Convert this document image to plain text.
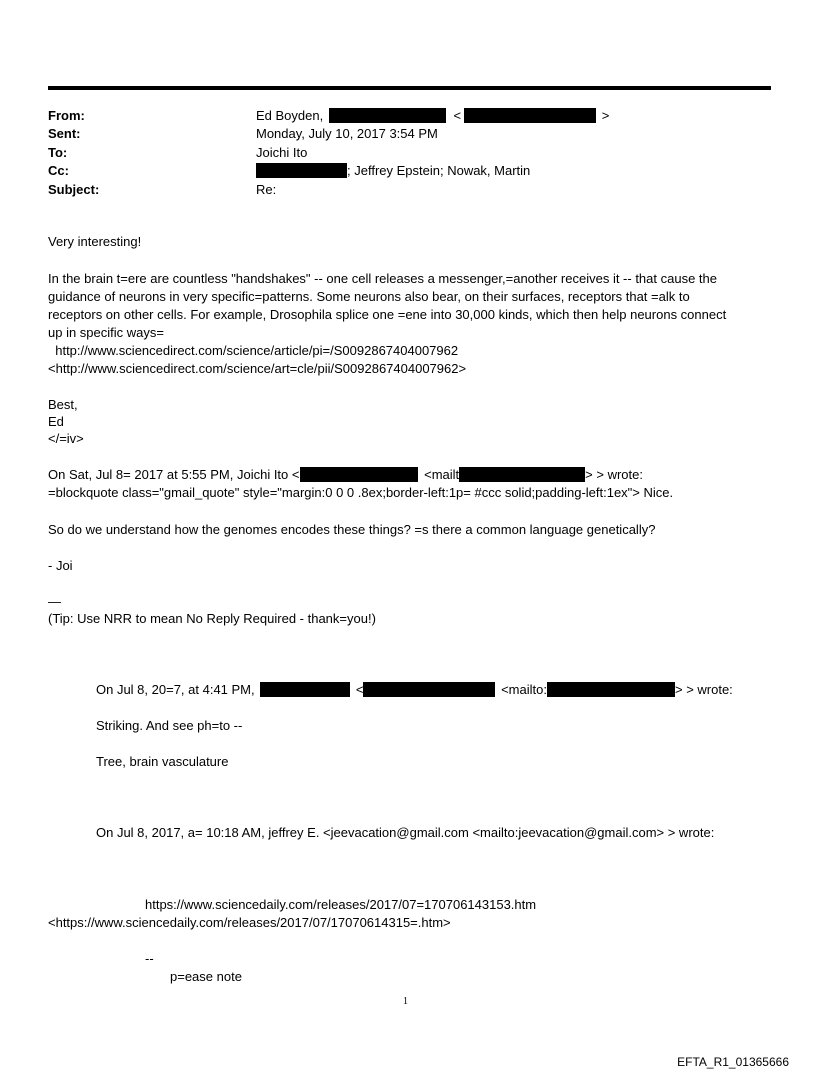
From:	Ed Boyden,	<	>
Sent:	Monday, July 10, 2017 3:54 PM
To:	Joichi Ito
Cc:	; Jeffrey Epstein; Nowak, Martin
Subject:	Re:
Very interesting!
In the brain t=ere are countless "handshakes" -- one cell releases a messenger,=another receives it -- that cause the
guidance of neurons in very specific=patterns. Some neurons also bear, on their surfaces, receptors that =alk to
receptors on other cells. For example, Drosophila splice one =ene into 30,000 kinds, which then help neurons connect
up in specific ways=
http://www.sciencedirect.com/science/article/pi=/S0092867404007962
<http://www.sciencedirect.com/science/art=cle/pii/S0092867404007962>
Best,
Ed
</=iv>
On Sat, Jul 8= 2017 at 5:55 PM, Joichi Ito <	<mailt	> > wrote:
=blockquote class="gmail_quote" style="margin:0 0 0 .8ex;border-left:1p= #ccc solid;padding-left:1ex"> Nice.
So do we understand how the genomes encodes these things? =s there a common language genetically?
- Joi
—
(Tip: Use NRR to mean No Reply Required - thank=you!)
On Jul 8, 20=7, at 4:41 PM,	<	<mailto:	> > wrote:
Striking. And see ph=to --
Tree, brain vasculature
On Jul 8, 2017, a= 10:18 AM, jeffrey E. <jeevacation@gmail.com <mailto:jeevacation@gmail.com> > wrote:
https://www.sciencedaily.com/releases/2017/07=170706143153.htm
<https://www.sciencedaily.com/releases/2017/07/17070614315=.htm>
--
p=ease note
1
EFTA_R1_01365666
